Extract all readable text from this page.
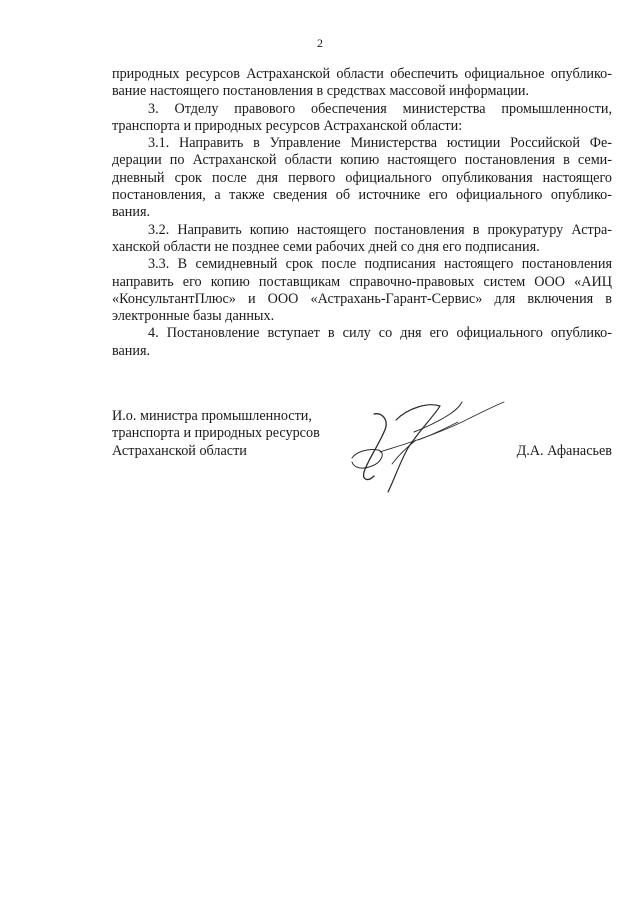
2
природных ресурсов Астраханской области обеспечить официальное опублико-
вание настоящего постановления в средствах массовой информации.
3. Отделу правового обеспечения министерства промышленности,
транспорта и природных ресурсов Астраханской области:
3.1. Направить в Управление Министерства юстиции Российской Фе-
дерации по Астраханской области копию настоящего постановления в семи-
дневный срок после дня первого официального опубликования настоящего
постановления, а также сведения об источнике его официального опублико-
вания.
3.2. Направить копию настоящего постановления в прокуратуру Астра-
ханской области не позднее семи рабочих дней со дня его подписания.
3.3. В семидневный срок после подписания настоящего постановления
направить его копию поставщикам справочно-правовых систем ООО «АИЦ
«КонсультантПлюс» и ООО «Астрахань-Гарант-Сервис» для включения в
электронные базы данных.
4. Постановление вступает в силу со дня его официального опублико-
вания.
И.о. министра промышленности,
транспорта и природных ресурсов
Астраханской области	Д.А. Афанасьев
